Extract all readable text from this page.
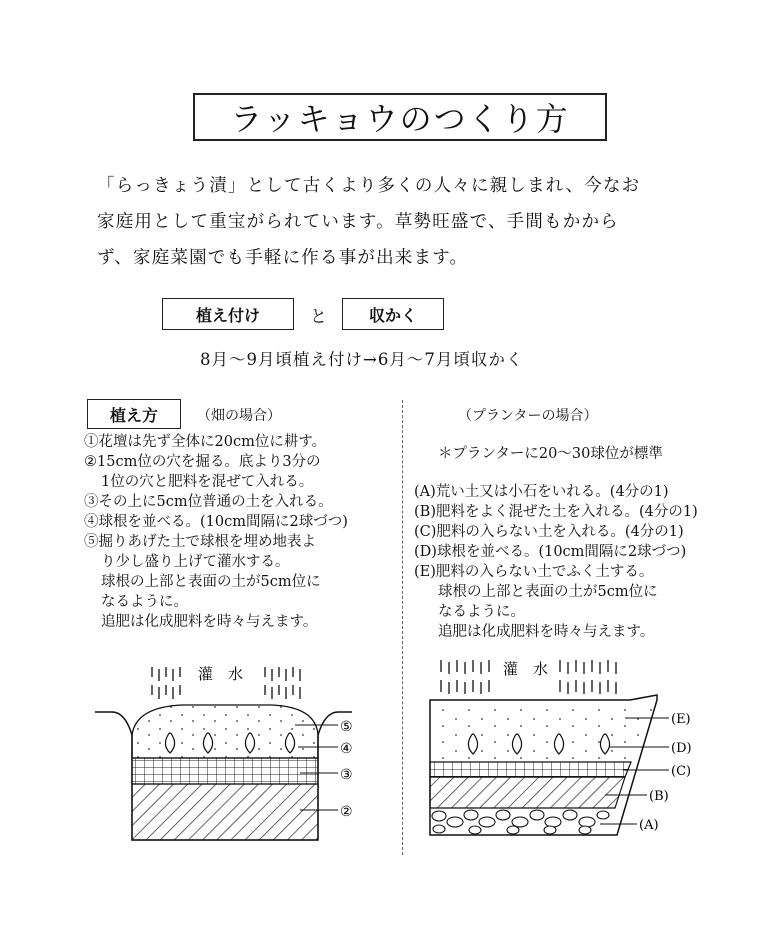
ラッキョウのつくり方
「らっきょう漬」として古くより多くの人々に親しまれ、今なお
家庭用として重宝がられています。草勢旺盛で、手間もかから
ず、家庭菜園でも手軽に作る事が出来ます。
植え付け	と	収かく
8月〜9月頃植え付け→6月〜7月頃収かく
植え方	（畑の場合）
①花壇は先ず全体に20cm位に耕す。
②15cm位の穴を掘る。底より3分の
1位の穴と肥料を混ぜて入れる。
③その上に5cm位普通の土を入れる。
④球根を並べる。(10cm間隔に2球づつ)
⑤掘りあげた土で球根を埋め地表よ
り少し盛り上げて灌水する。
球根の上部と表面の土が5cm位に
なるように。
追肥は化成肥料を時々与えます。
（プランターの場合）
＊プランターに20〜30球位が標準
(A)荒い土又は小石をいれる。(4分の1)
(B)肥料をよく混ぜた土を入れる。(4分の1)
(C)肥料の入らない土を入れる。(4分の1)
(D)球根を並べる。(10cm間隔に2球づつ)
(E)肥料の入らない土でふく土する。
球根の上部と表面の土が5cm位に
なるように。
追肥は化成肥料を時々与えます。
灌　水
⑤
④
③
②
灌　水
(E)
(D)
(C)
(B)
(A)
